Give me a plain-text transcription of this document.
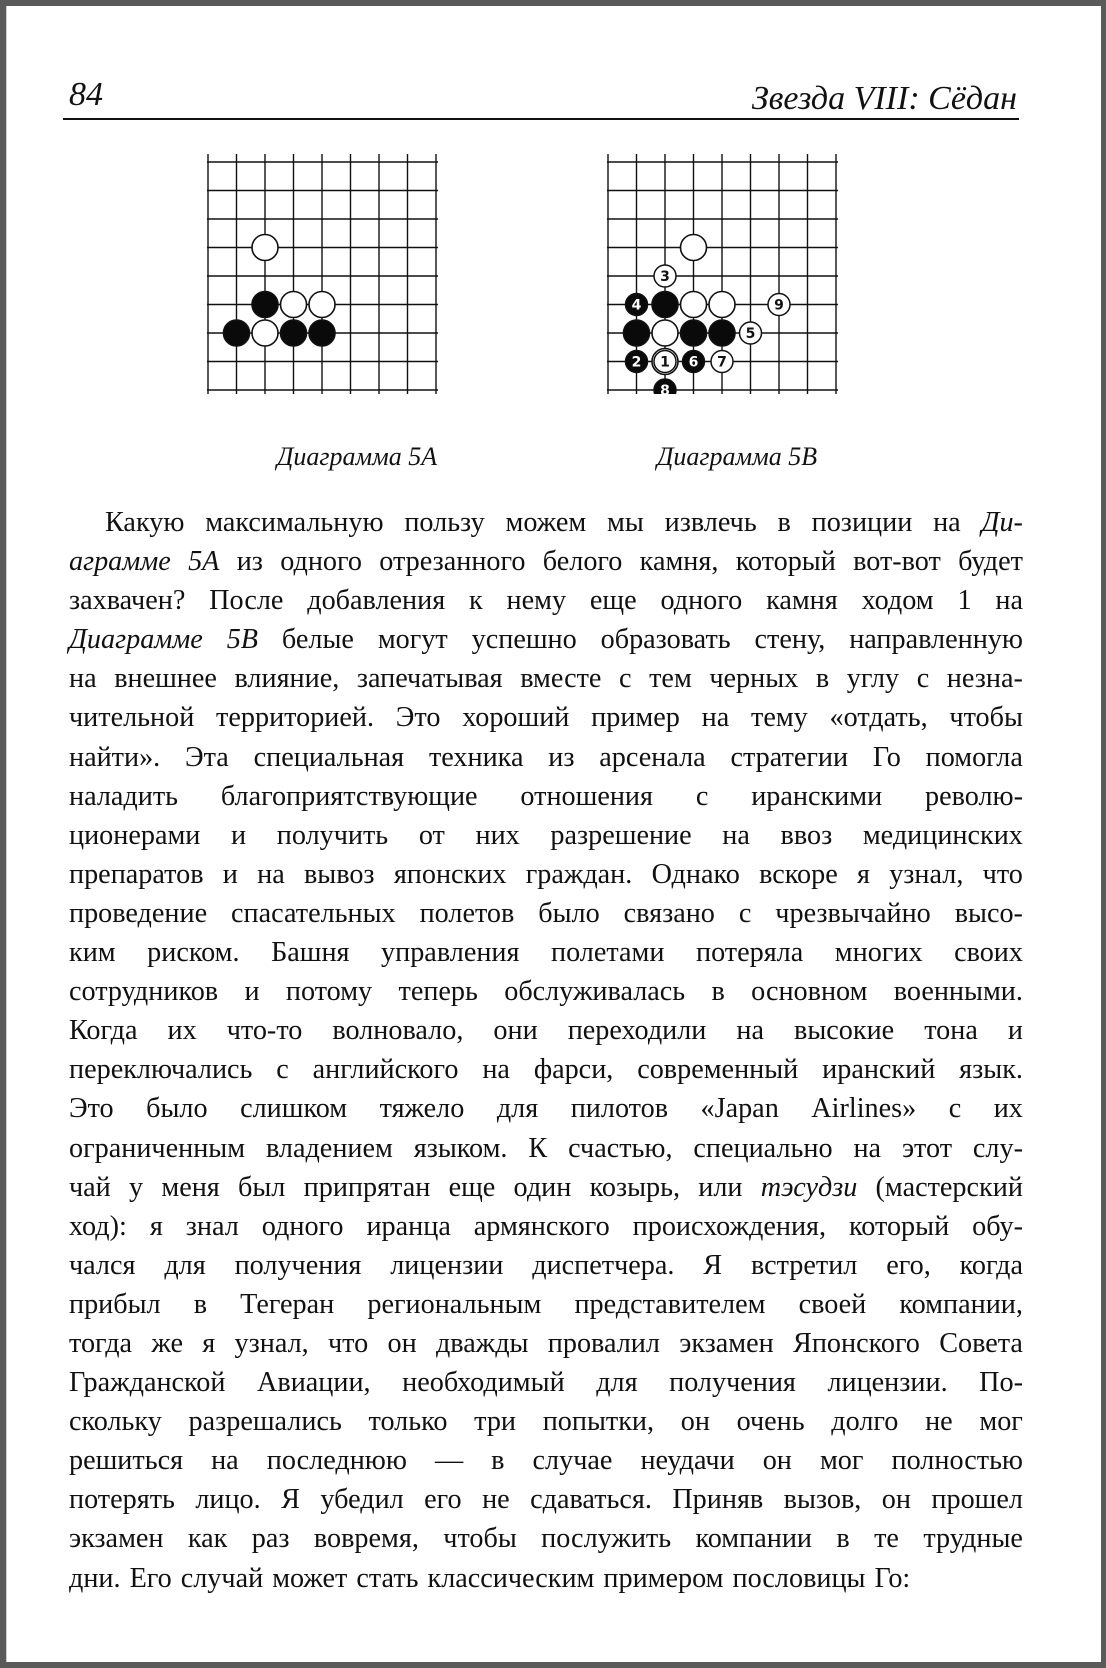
84	Звезда VIII: Сёдан
1
2
3
4
5
6 7
8
9
Диаграмма 5А	Диаграмма 5В
Какую максимальную пользу можем мы извлечь в позиции на Ди-
аграмме 5А из одного отрезанного белого камня, который вот-вот будет
захвачен? После добавления к нему еще одного камня ходом 1 на
Диаграмме 5В белые могут успешно образовать стену, направленную
на внешнее влияние, запечатывая вместе с тем черных в углу с незна-
чительной территорией. Это хороший пример на тему «отдать, чтобы
найти». Эта специальная техника из арсенала стратегии Го помогла
наладить благоприятствующие отношения с иранскими револю-
ционерами и получить от них разрешение на ввоз медицинских
препаратов и на вывоз японских граждан. Однако вскоре я узнал, что
проведение спасательных полетов было связано с чрезвычайно высо-
ким риском. Башня управления полетами потеряла многих своих
сотрудников и потому теперь обслуживалась в основном военными.
Когда их что-то волновало, они переходили на высокие тона и
переключались с английского на фарси, современный иранский язык.
Это было слишком тяжело для пилотов «Japan Airlines» с их
ограниченным владением языком. К счастью, специально на этот слу-
чай у меня был припрятан еще один козырь, или тэсудзи (мастерский
ход): я знал одного иранца армянского происхождения, который обу-
чался для получения лицензии диспетчера. Я встретил его, когда
прибыл в Тегеран региональным представителем своей компании,
тогда же я узнал, что он дважды провалил экзамен Японского Совета
Гражданской Авиации, необходимый для получения лицензии. По-
скольку разрешались только три попытки, он очень долго не мог
решиться на последнюю — в случае неудачи он мог полностью
потерять лицо. Я убедил его не сдаваться. Приняв вызов, он прошел
экзамен как раз вовремя, чтобы послужить компании в те трудные
дни. Его случай может стать классическим примером пословицы Го:
